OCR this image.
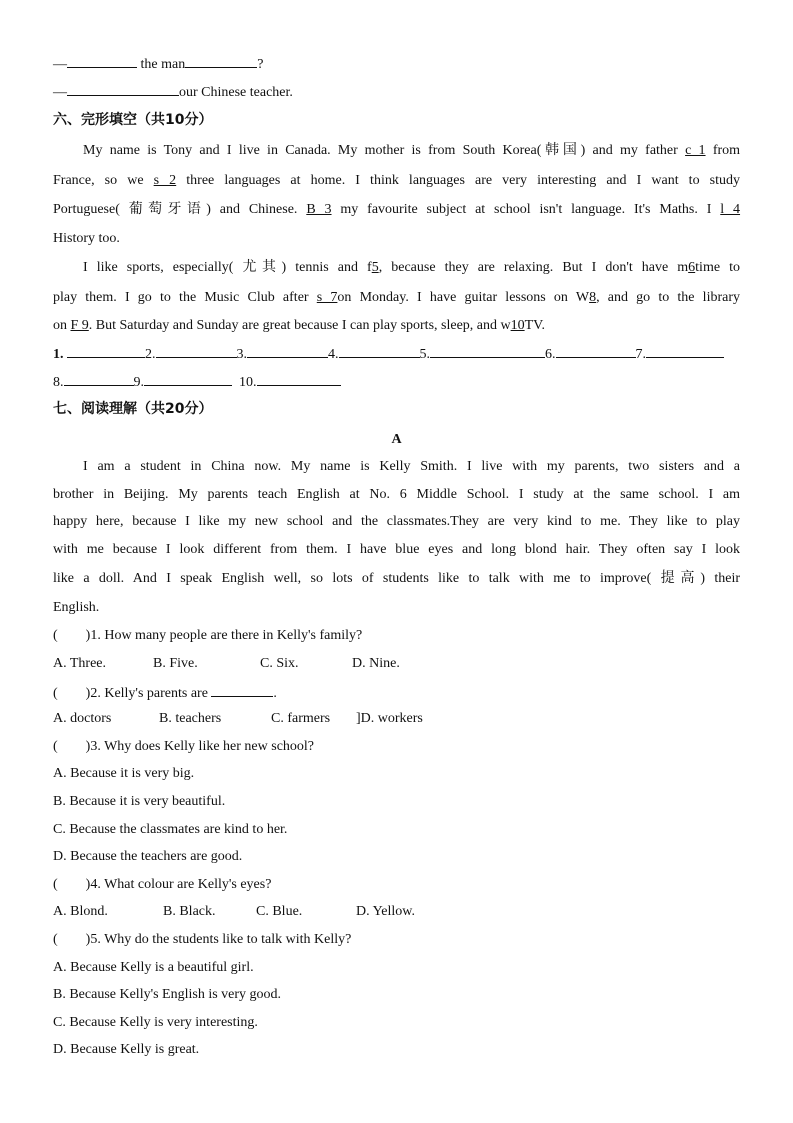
—	the man	?
—	our Chinese teacher.
六、完形填空（共10分）
My name is Tony and I live in Canada. My mother is from South Korea(韩国) and my father c 1 from
France, so we s 2 three languages at home. I think languages are very interesting and I want to study
Portuguese( 葡萄牙语) and Chinese. B 3 my favourite subject at school isn't language. It's Maths. I l 4
History too.
I like sports, especially( 尤其) tennis and f5, because they are relaxing. But I don't have m6time to
play them. I go to the Music Club after s 7on Monday. I have guitar lessons on W8, and go to the library
on F 9. But Saturday and Sunday are great because I can play sports, sleep, and w10TV.
1.	2.	3.	4.	5.	6.	7.
8.	9.	10.
七、阅读理解（共20分）
A
I am a student in China now. My name is Kelly Smith. I live with my parents, two sisters and a
brother in Beijing. My parents teach English at No. 6 Middle School. I study at the same school. I am
happy here, because I like my new school and the classmates.They are very kind to me. They like to play
with me because I look different from them. I have blue eyes and long blond hair. They often say I look
like a doll. And I speak English well, so lots of students like to talk with me to improve( 提高) their
English.
(        )1. How many people are there in Kelly's family?
A. Three.	B. Five.	C. Six.	D. Nine.
(        )2. Kelly's parents are	.
A. doctors	B. teachers	C. farmers ]D. workers
(        )3. Why does Kelly like her new school?
A. Because it is very big.
B. Because it is very beautiful.
C. Because the classmates are kind to her.
D. Because the teachers are good.
(        )4. What colour are Kelly's eyes?
A. Blond.	B. Black.	C. Blue.	D. Yellow.
(        )5. Why do the students like to talk with Kelly?
A. Because Kelly is a beautiful girl.
B. Because Kelly's English is very good.
C. Because Kelly is very interesting.
D. Because Kelly is great.
